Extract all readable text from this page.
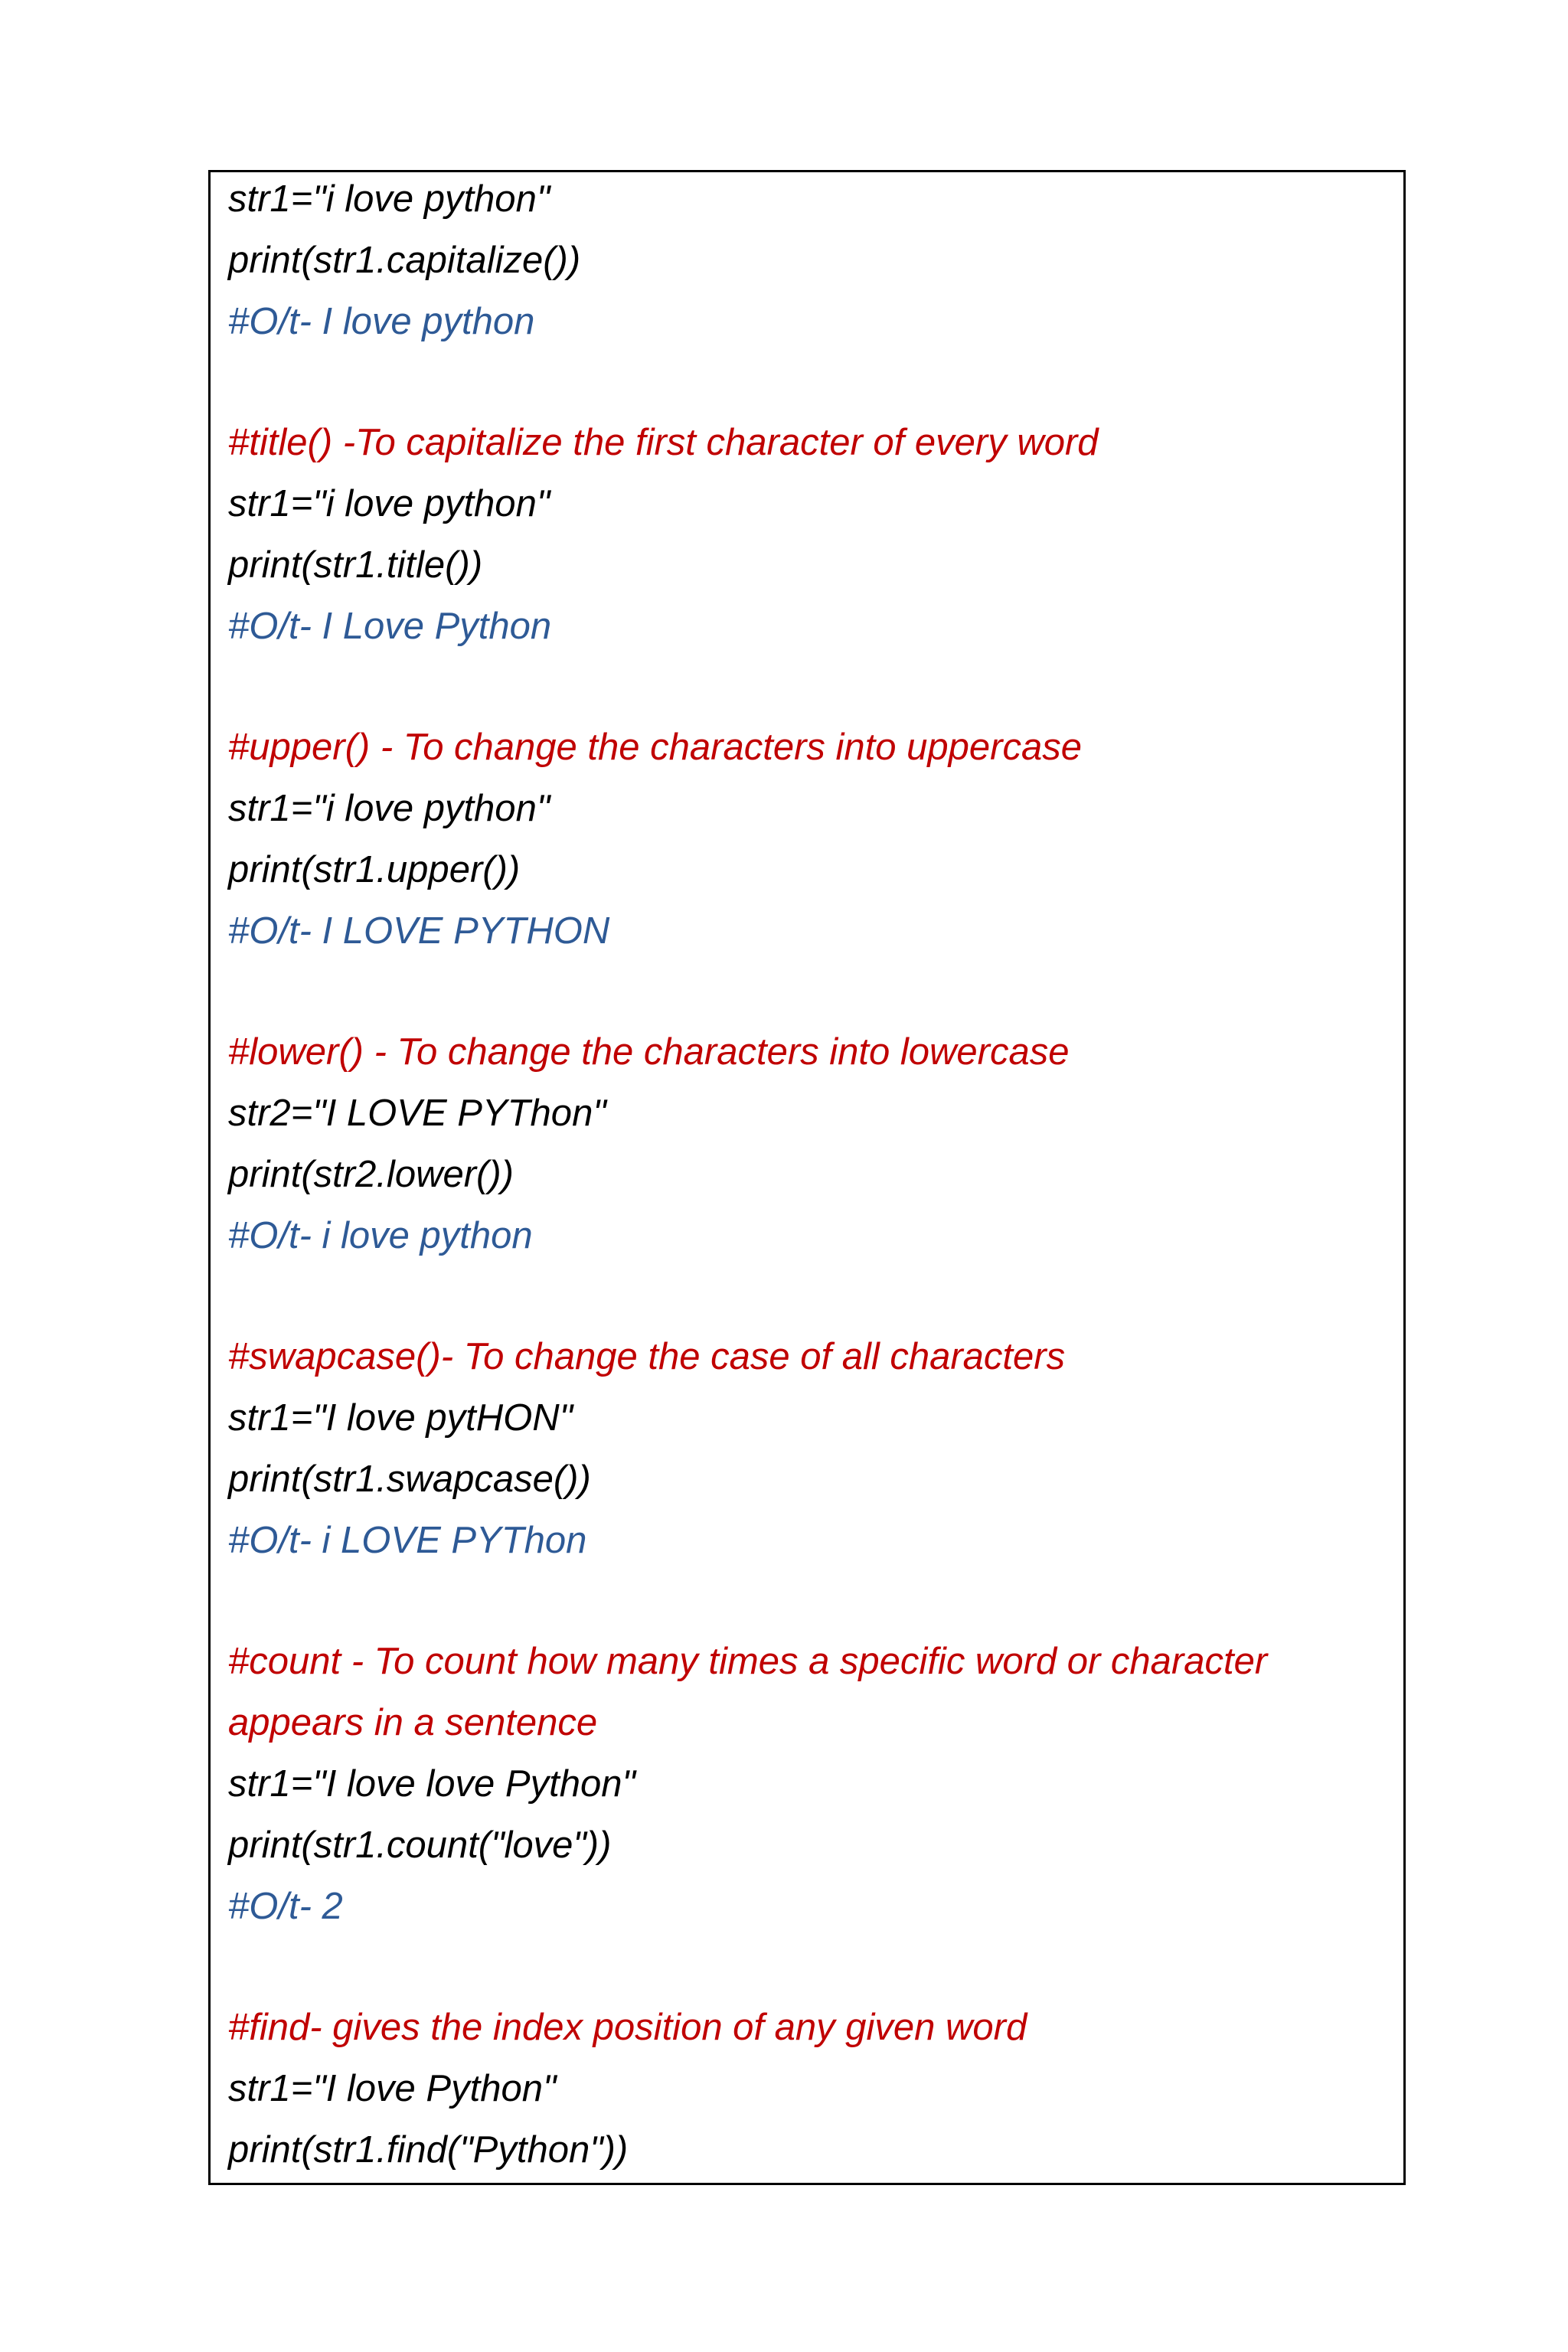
str1="i love python"
print(str1.capitalize())
#O/t- I love python
#title() -To capitalize the first character of every word
str1="i love python"
print(str1.title())
#O/t- I Love Python
#upper() - To change the characters into uppercase
str1="i love python"
print(str1.upper())
#O/t- I LOVE PYTHON
#lower() - To change the characters into lowercase
str2="I LOVE PYThon"
print(str2.lower())
#O/t- i love python
#swapcase()- To change the case of all characters
str1="I love pytHON"
print(str1.swapcase())
#O/t- i LOVE PYThon
#count - To count how many times a specific word or character
appears in a sentence
str1="I love love Python"
print(str1.count("love"))
#O/t- 2
#find- gives the index position of any given word
str1="I love Python"
print(str1.find("Python"))
